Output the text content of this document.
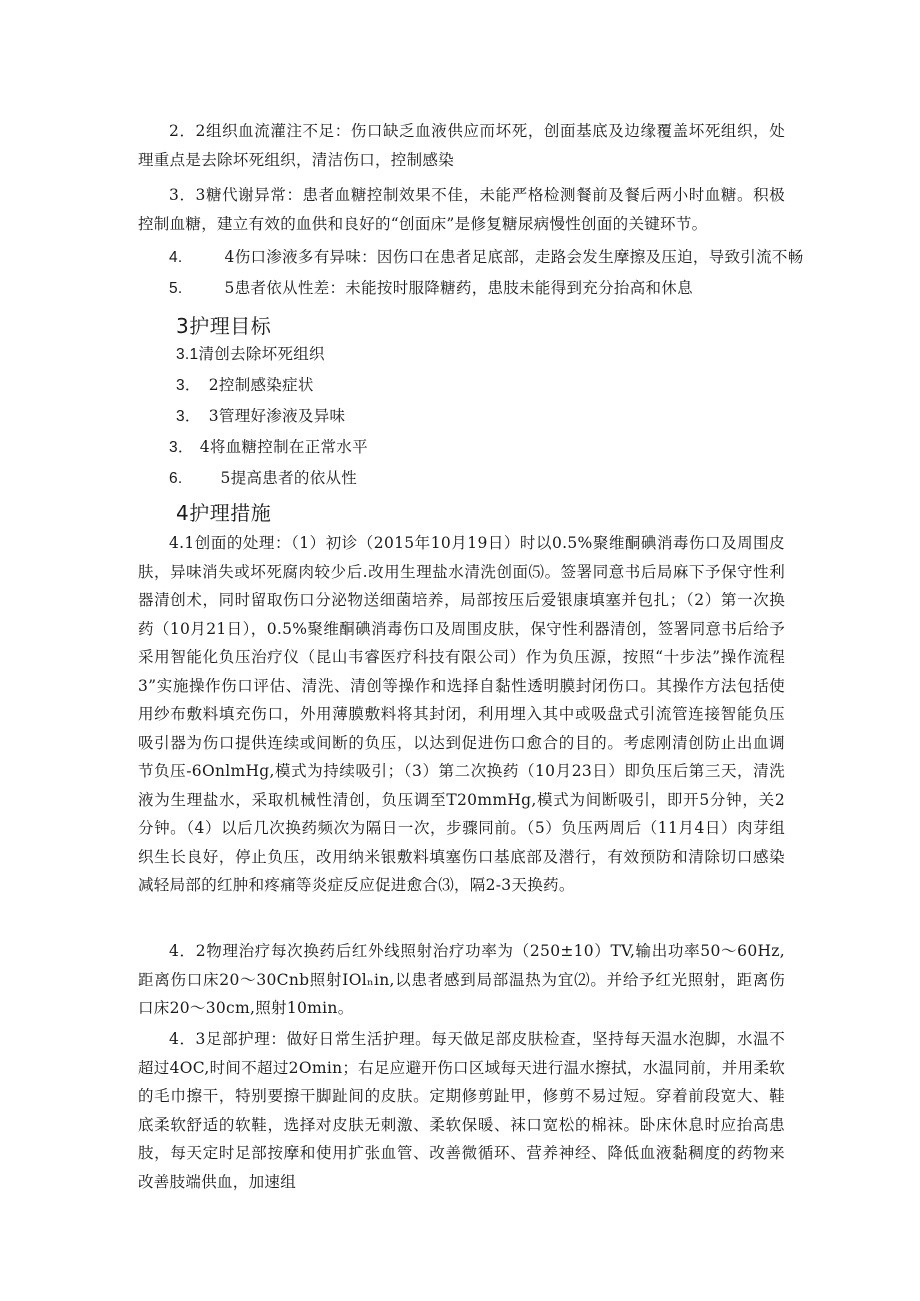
2．2组织血流灌注不足：伤口缺乏血液供应而坏死，创面基底及边缘覆盖坏死组织，处理重点是去除坏死组织，清洁伤口，控制感染

3．3糖代谢异常：患者血糖控制效果不佳，未能严格检测餐前及餐后两小时血糖。积极控制血糖，建立有效的血供和良好的“创面床”是修复糖尿病慢性创面的关键环节。

4.	4伤口渗液多有异味：因伤口在患者足底部，走路会发生摩擦及压迫，导致引流不畅

5.	5患者依从性差：未能按时服降糖药，患肢未能得到充分抬高和休息

3护理目标

3.1清创去除坏死组织

3． 2控制感染症状

3． 3管理好渗液及异味

3． 4将血糖控制在正常水平

6. 5提高患者的依从性

4护理措施

4.1创面的处理：（1）初诊（2015年10月19日）时以0.5%聚维酮碘消毒伤口及周围皮肤，异味消失或坏死腐肉较少后.改用生理盐水清洗创面⑸。签署同意书后局麻下予保守性利器清创术，同时留取伤口分泌物送细菌培养，局部按压后爱银康填塞并包扎；（2）第一次换药（10月21日），0.5%聚维酮碘消毒伤口及周围皮肤，保守性利器清创，签署同意书后给予采用智能化负压治疗仪（昆山韦睿医疗科技有限公司）作为负压源，按照“十步法”操作流程3”实施操作伤口评估、清洗、清创等操作和选择自黏性透明膜封闭伤口。其操作方法包括使用纱布敷料填充伤口，外用薄膜敷料将其封闭，利用埋入其中或吸盘式引流管连接智能负压吸引器为伤口提供连续或间断的负压，以达到促进伤口愈合的目的。考虑刚清创防止出血调节负压-6OnlmHg,模式为持续吸引；（3）第二次换药（10月23日）即负压后第三天，清洗液为生理盐水，采取机械性清创，负压调至T20mmHg,模式为间断吸引，即开5分钟，关2分钟。（4）以后几次换药频次为隔日一次，步骤同前。（5）负压两周后（11月4日）肉芽组织生长良好，停止负压，改用纳米银敷料填塞伤口基底部及潜行，有效预防和清除切口感染减轻局部的红肿和疼痛等炎症反应促进愈合⑶，隔2-3天换药。

4．2物理治疗每次换药后红外线照射治疗功率为（250±10）TV,输出功率50～60Hz,距离伤口床20～30Cnb照射IOlₙin,以患者感到局部温热为宜⑵。并给予红光照射，距离伤口床20～30cm,照射10min。

4．3足部护理：做好日常生活护理。每天做足部皮肤检查，坚持每天温水泡脚，水温不超过4OC,时间不超过2Omin；右足应避开伤口区域每天进行温水擦拭，水温同前，并用柔软的毛巾擦干，特别要擦干脚趾间的皮肤。定期修剪趾甲，修剪不易过短。穿着前段宽大、鞋底柔软舒适的软鞋，选择对皮肤无刺激、柔软保暖、袜口宽松的棉袜。卧床休息时应抬高患肢，每天定时足部按摩和使用扩张血管、改善微循环、营养神经、降低血液黏稠度的药物来改善肢端供血，加速组
